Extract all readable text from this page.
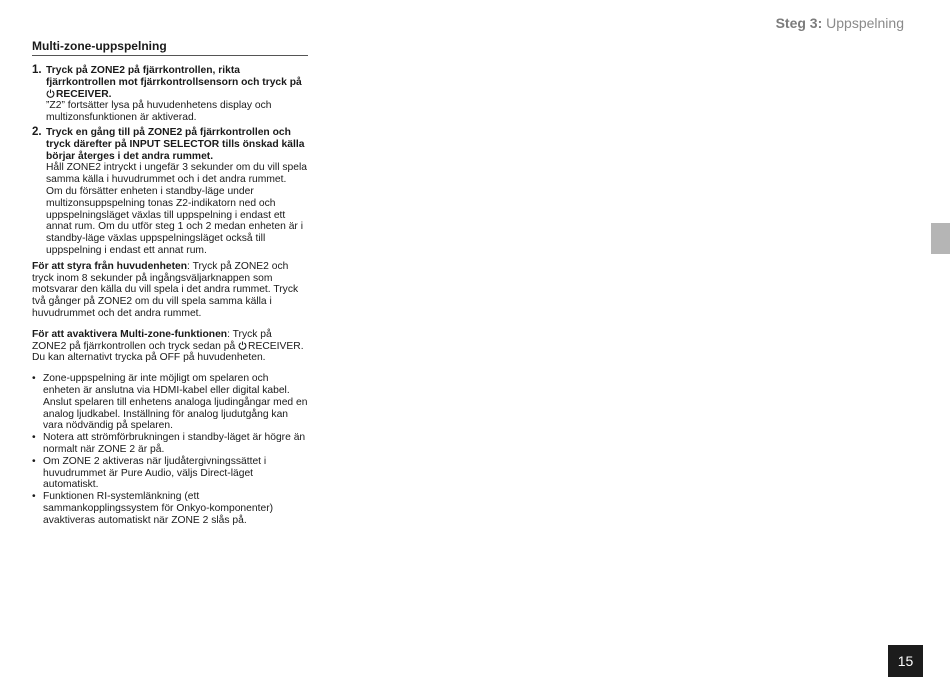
Steg 3: Uppspelning
Multi-zone-uppspelning
1. Tryck på ZONE2 på fjärrkontrollen, rikta fjärrkontrollen mot fjärrkontrollsensorn och tryck på RECEIVER.
”Z2” fortsätter lysa på huvudenhetens display och multizonsfunktionen är aktiverad.
2. Tryck en gång till på ZONE2 på fjärrkontrollen och tryck därefter på INPUT SELECTOR tills önskad källa börjar återges i det andra rummet.
Håll ZONE2 intryckt i ungefär 3 sekunder om du vill spela samma källa i huvudrummet och i det andra rummet.
Om du försätter enheten i standby-läge under multizonsuppspelning tonas Z2-indikatorn ned och uppspelningsläget växlas till uppspelning i endast ett annat rum. Om du utför steg 1 och 2 medan enheten är i standby-läge växlas uppspelningsläget också till uppspelning i endast ett annat rum.
För att styra från huvudenheten: Tryck på ZONE2 och tryck inom 8 sekunder på ingångsväljarknappen som motsvarar den källa du vill spela i det andra rummet. Tryck två gånger på ZONE2 om du vill spela samma källa i huvudrummet och det andra rummet.
För att avaktivera Multi-zone-funktionen: Tryck på ZONE2 på fjärrkontrollen och tryck sedan på RECEIVER. Du kan alternativt trycka på OFF på huvudenheten.
• Zone-uppspelning är inte möjligt om spelaren och enheten är anslutna via HDMI-kabel eller digital kabel. Anslut spelaren till enhetens analoga ljudingångar med en analog ljudkabel. Inställning för analog ljudutgång kan vara nödvändig på spelaren.
• Notera att strömförbrukningen i standby-läget är högre än normalt när ZONE 2 är på.
• Om ZONE 2 aktiveras när ljudåtergivningssättet i huvudrummet är Pure Audio, väljs Direct-läget automatiskt.
• Funktionen RI-systemlänkning (ett sammankopplingssystem för Onkyo-komponenter) avaktiveras automatiskt när ZONE 2 slås på.
15
